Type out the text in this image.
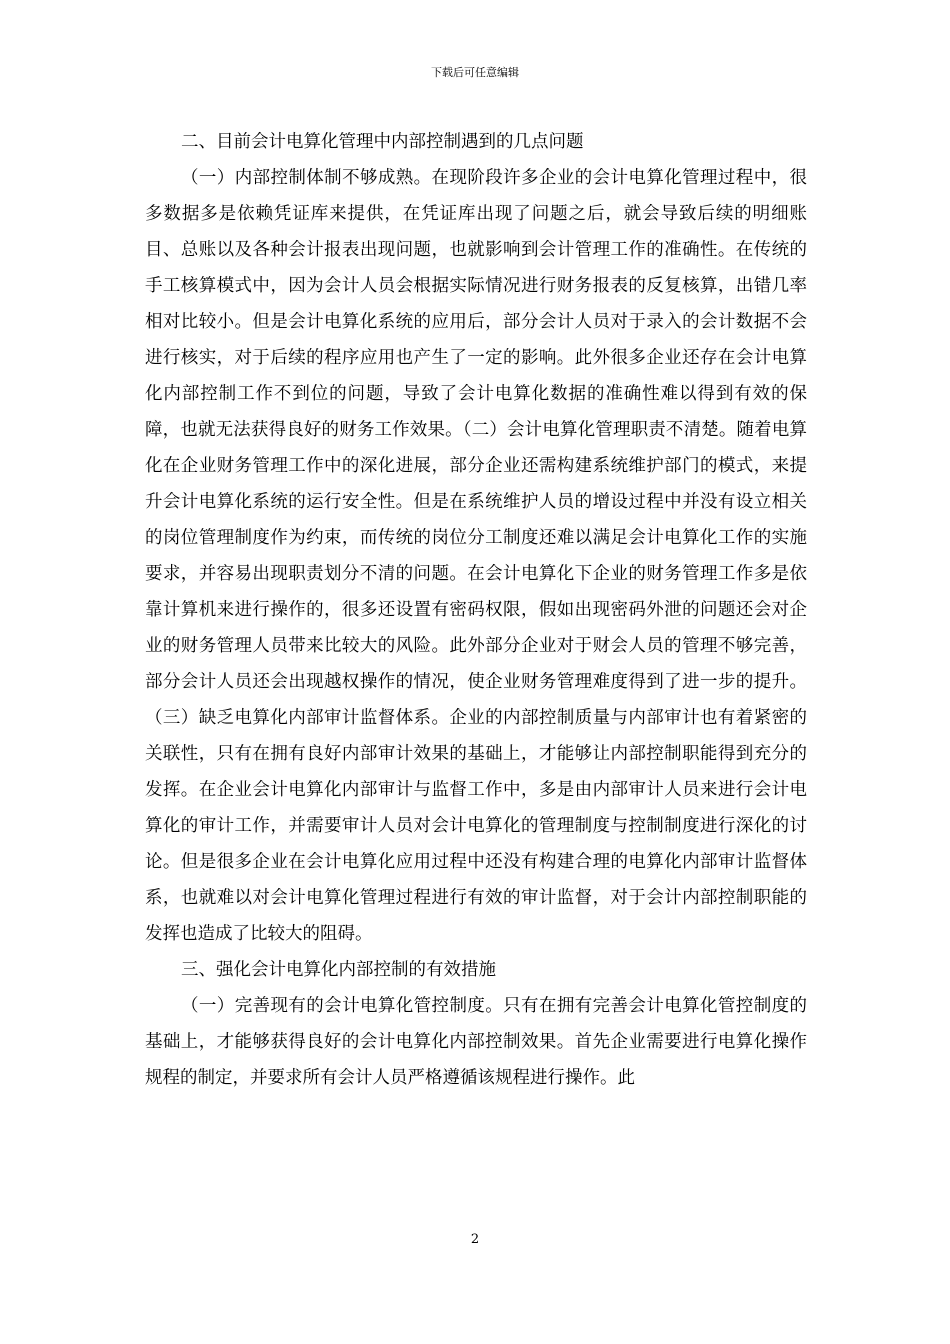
下载后可任意编辑

二、目前会计电算化管理中内部控制遇到的几点问题

（一）内部控制体制不够成熟。在现阶段许多企业的会计电算化管理过程中，很多数据多是依赖凭证库来提供，在凭证库出现了问题之后，就会导致后续的明细账目、总账以及各种会计报表出现问题，也就影响到会计管理工作的准确性。在传统的手工核算模式中，因为会计人员会根据实际情况进行财务报表的反复核算，出错几率相对比较小。但是会计电算化系统的应用后，部分会计人员对于录入的会计数据不会进行核实，对于后续的程序应用也产生了一定的影响。此外很多企业还存在会计电算化内部控制工作不到位的问题，导致了会计电算化数据的准确性难以得到有效的保障，也就无法获得良好的财务工作效果。（二）会计电算化管理职责不清楚。随着电算化在企业财务管理工作中的深化进展，部分企业还需构建系统维护部门的模式，来提升会计电算化系统的运行安全性。但是在系统维护人员的增设过程中并没有设立相关的岗位管理制度作为约束，而传统的岗位分工制度还难以满足会计电算化工作的实施要求，并容易出现职责划分不清的问题。在会计电算化下企业的财务管理工作多是依靠计算机来进行操作的，很多还设置有密码权限，假如出现密码外泄的问题还会对企业的财务管理人员带来比较大的风险。此外部分企业对于财会人员的管理不够完善，部分会计人员还会出现越权操作的情况，使企业财务管理难度得到了进一步的提升。（三）缺乏电算化内部审计监督体系。企业的内部控制质量与内部审计也有着紧密的关联性，只有在拥有良好内部审计效果的基础上，才能够让内部控制职能得到充分的发挥。在企业会计电算化内部审计与监督工作中，多是由内部审计人员来进行会计电算化的审计工作，并需要审计人员对会计电算化的管理制度与控制制度进行深化的讨论。但是很多企业在会计电算化应用过程中还没有构建合理的电算化内部审计监督体系，也就难以对会计电算化管理过程进行有效的审计监督，对于会计内部控制职能的发挥也造成了比较大的阻碍。

三、强化会计电算化内部控制的有效措施

（一）完善现有的会计电算化管控制度。只有在拥有完善会计电算化管控制度的基础上，才能够获得良好的会计电算化内部控制效果。首先企业需要进行电算化操作规程的制定，并要求所有会计人员严格遵循该规程进行操作。此

2
